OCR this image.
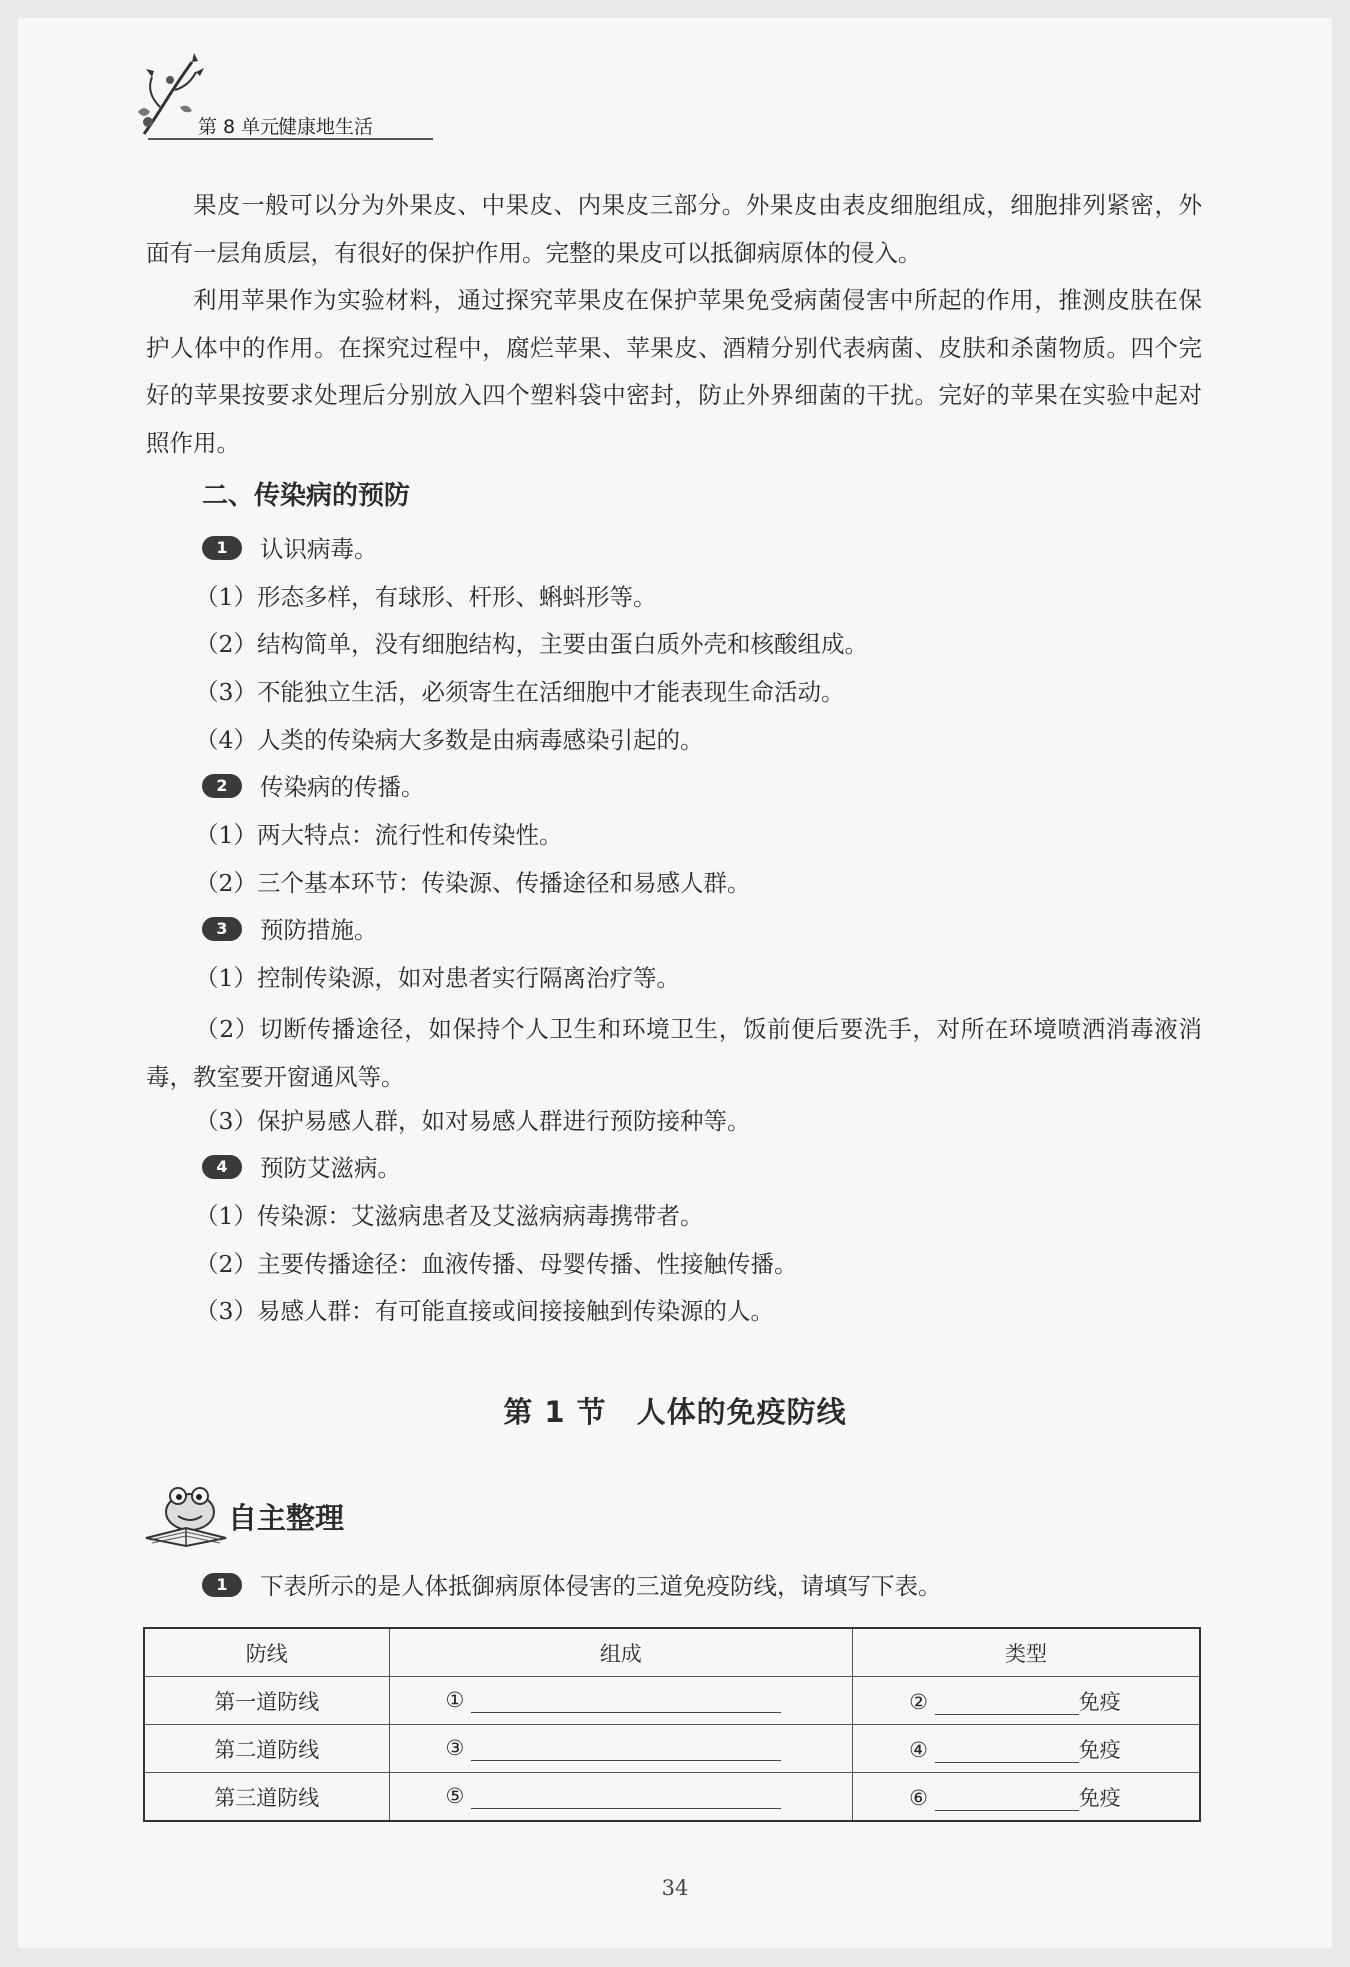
第 8 单元
健康地生活

果皮一般可以分为外果皮、中果皮、内果皮三部分。外果皮由表皮细胞组成，细胞排列紧密，外面有一层角质层，有很好的保护作用。完整的果皮可以抵御病原体的侵入。

利用苹果作为实验材料，通过探究苹果皮在保护苹果免受病菌侵害中所起的作用，推测皮肤在保护人体中的作用。在探究过程中，腐烂苹果、苹果皮、酒精分别代表病菌、皮肤和杀菌物质。四个完好的苹果按要求处理后分别放入四个塑料袋中密封，防止外界细菌的干扰。完好的苹果在实验中起对照作用。

二、传染病的预防
1 认识病毒。
（1）形态多样，有球形、杆形、蝌蚪形等。
（2）结构简单，没有细胞结构，主要由蛋白质外壳和核酸组成。
（3）不能独立生活，必须寄生在活细胞中才能表现生命活动。
（4）人类的传染病大多数是由病毒感染引起的。
2 传染病的传播。
（1）两大特点：流行性和传染性。
（2）三个基本环节：传染源、传播途径和易感人群。
3 预防措施。
（1）控制传染源，如对患者实行隔离治疗等。

（2）切断传播途径，如保持个人卫生和环境卫生，饭前便后要洗手，对所在环境喷洒消毒液消毒，教室要开窗通风等。

（3）保护易感人群，如对易感人群进行预防接种等。
4 预防艾滋病。
（1）传染源：艾滋病患者及艾滋病病毒携带者。
（2）主要传播途径：血液传播、母婴传播、性接触传播。
（3）易感人群：有可能直接或间接接触到传染源的人。
第 1 节　人体的免疫防线
自主整理
1 下表所示的是人体抵御病原体侵害的三道免疫防线，请填写下表。
防线	组成	类型
第一道防线	①	② 免疫
第二道防线	③	④ 免疫
第三道防线	⑤	⑥ 免疫
34
